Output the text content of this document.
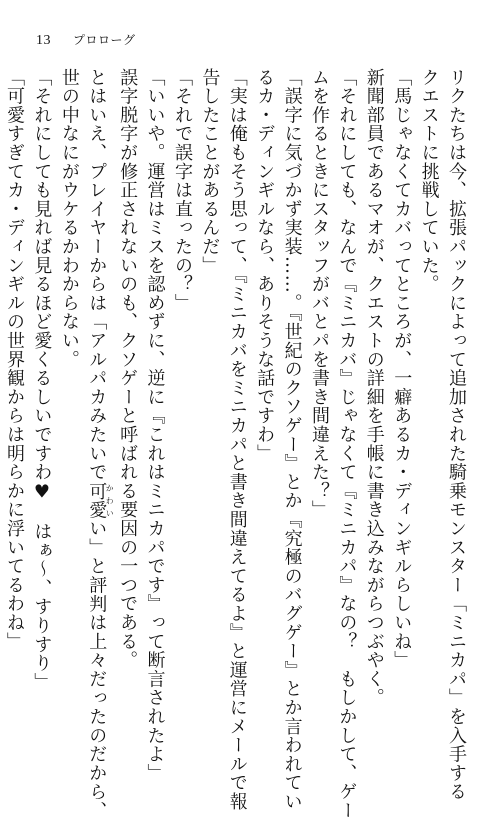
13 プロローグ
リクたちは今、拡張パックによって追加された騎乗モンスター「ミニカパ」を入手する
クエストに挑戦していた。
「馬じゃなくてカバってところが、一癖あるカ・ディンギルらしいね」
新聞部員であるマオが、クエストの詳細を手帳に書き込みながらつぶやく。
「それにしても、なんで『ミニカバ』じゃなくて『ミニカパ』なの？　もしかして、ゲー
ムを作るときにスタッフがバとパを書き間違えた？」
「誤字に気づかず実装……。『世紀のクソゲー』とか『究極のバグゲー』とか言われてい
るカ・ディンギルなら、ありそうな話ですわ」
「実は俺もそう思って、『ミニカバをミニカパと書き間違えてるよ』と運営にメールで報
告したことがあるんだ」
「それで誤字は直ったの？」
「いいや。運営はミスを認めずに、逆に『これはミニカパです』って断言されたよ」
誤字脱字が修正されないのも、クソゲーと呼ばれる要因の一つである。
とはいえ、プレイヤーからは「アルパカみたいで可愛かわいい」と評判は上々だったのだから、
世の中なにがウケるかわからない。
「それにしても見れば見るほど愛くるしいですわ♥　はぁ～、すりすり」
「可愛すぎてカ・ディンギルの世界観からは明らかに浮いてるわね」
